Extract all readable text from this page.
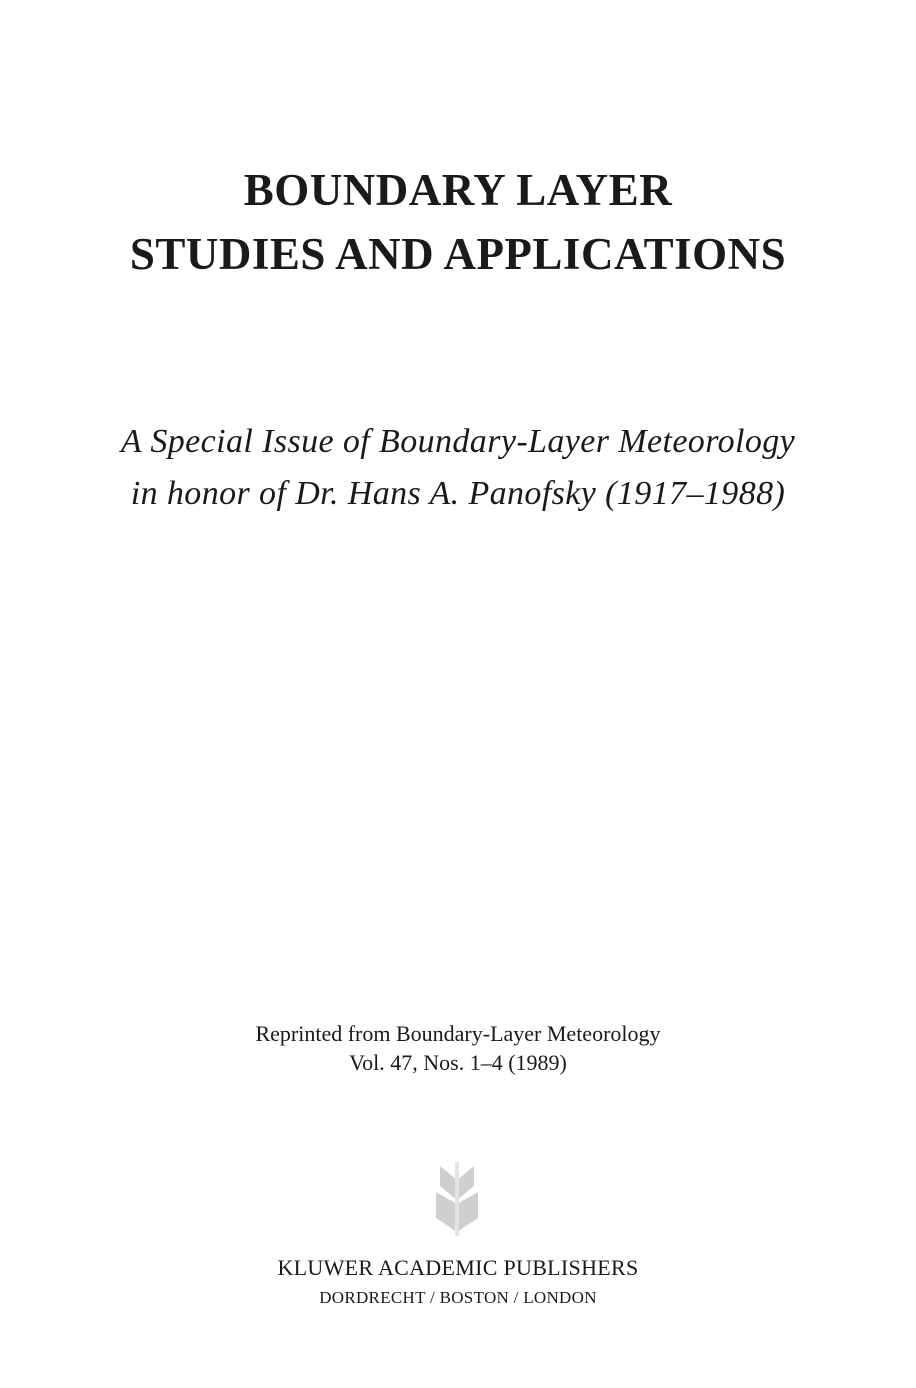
BOUNDARY LAYER
STUDIES AND APPLICATIONS
A Special Issue of Boundary-Layer Meteorology
in honor of Dr. Hans A. Panofsky (1917–1988)
Reprinted from Boundary-Layer Meteorology
Vol. 47, Nos. 1–4 (1989)
KLUWER ACADEMIC PUBLISHERS
DORDRECHT / BOSTON / LONDON
